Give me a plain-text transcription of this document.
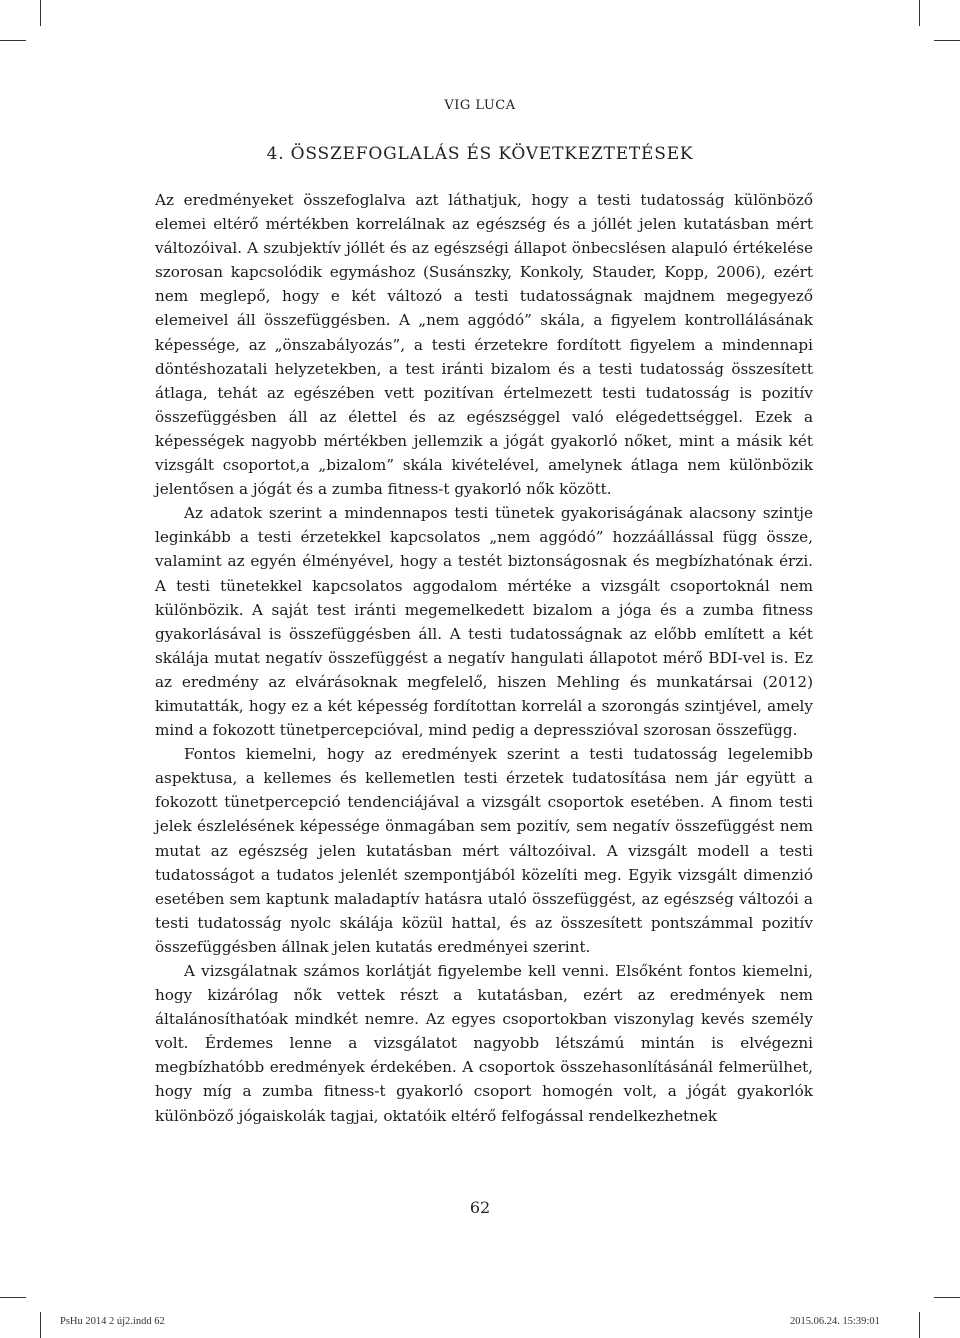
VIG LUCA
4. ÖSSZEFOGLALÁS ÉS KÖVETKEZTETÉSEK

Az eredményeket összefoglalva azt láthatjuk, hogy a testi tudatosság különböző elemei eltérő mértékben korrelálnak az egészség és a jóllét jelen kutatásban mért változóival. A szubjektív jóllét és az egészségi állapot önbecslésen alapuló értékelése szorosan kapcsolódik egymáshoz (Susánszky, Konkoly, Stauder, Kopp, 2006), ezért nem meglepő, hogy e két változó a testi tudatosságnak majdnem megegyező elemeivel áll összefüggésben. A „nem aggódó” skála, a figyelem kontrollálásának képessége, az „önszabályozás”, a testi érzetekre fordított figyelem a mindennapi döntéshozatali helyzetekben, a test iránti bizalom és a testi tudatosság összesített átlaga, tehát az egészében vett pozitívan értelmezett testi tudatosság is pozitív összefüggésben áll az élettel és az egészséggel való elégedettséggel. Ezek a képességek nagyobb mértékben jellemzik a jógát gyakorló nőket, mint a másik két vizsgált csoportot,a „bizalom” skála kivételével, amelynek átlaga nem különbözik jelentősen a jógát és a zumba fitness-t gyakorló nők között.

Az adatok szerint a mindennapos testi tünetek gyakoriságának alacsony szintje leginkább a testi érzetekkel kapcsolatos „nem aggódó” hozzáállással függ össze, valamint az egyén élményével, hogy a testét biztonságosnak és megbízhatónak érzi. A testi tünetekkel kapcsolatos aggodalom mértéke a vizsgált csoportoknál nem különbözik. A saját test iránti megemelkedett bizalom a jóga és a zumba fitness gyakorlásával is összefüggésben áll. A testi tudatosságnak az előbb említett a két skálája mutat negatív összefüggést a negatív hangulati állapotot mérő BDI-vel is. Ez az eredmény az elvárásoknak megfelelő, hiszen Mehling és munkatársai (2012) kimutatták, hogy ez a két képesség fordítottan korrelál a szorongás szintjével, amely mind a fokozott tünetpercepcióval, mind pedig a depresszióval szorosan összefügg.

Fontos kiemelni, hogy az eredmények szerint a testi tudatosság legelemibb aspektusa, a kellemes és kellemetlen testi érzetek tudatosítása nem jár együtt a fokozott tünetpercepció tendenciájával a vizsgált csoportok esetében. A finom testi jelek észlelésének képessége önmagában sem pozitív, sem negatív összefüggést nem mutat az egészség jelen kutatásban mért változóival. A vizsgált modell a testi tudatosságot a tudatos jelenlét szempontjából közelíti meg. Egyik vizsgált dimenzió esetében sem kaptunk maladaptív hatásra utaló összefüggést, az egészség változói a testi tudatosság nyolc skálája közül hattal, és az összesített pontszámmal pozitív összefüggésben állnak jelen kutatás eredményei szerint.

A vizsgálatnak számos korlátját figyelembe kell venni. Elsőként fontos kiemelni, hogy kizárólag nők vettek részt a kutatásban, ezért az eredmények nem általánosíthatóak mindkét nemre. Az egyes csoportokban viszonylag kevés személy volt. Érdemes lenne a vizsgálatot nagyobb létszámú mintán is elvégezni megbízhatóbb eredmények érdekében. A csoportok összehasonlításánál felmerülhet, hogy míg a zumba fitness-t gyakorló csoport homogén volt, a jógát gyakorlók különböző jógaiskolák tagjai, oktatóik eltérő felfogással rendelkezhetnek

62
PsHu 2014 2 új2.indd 62	2015.06.24. 15:39:01
